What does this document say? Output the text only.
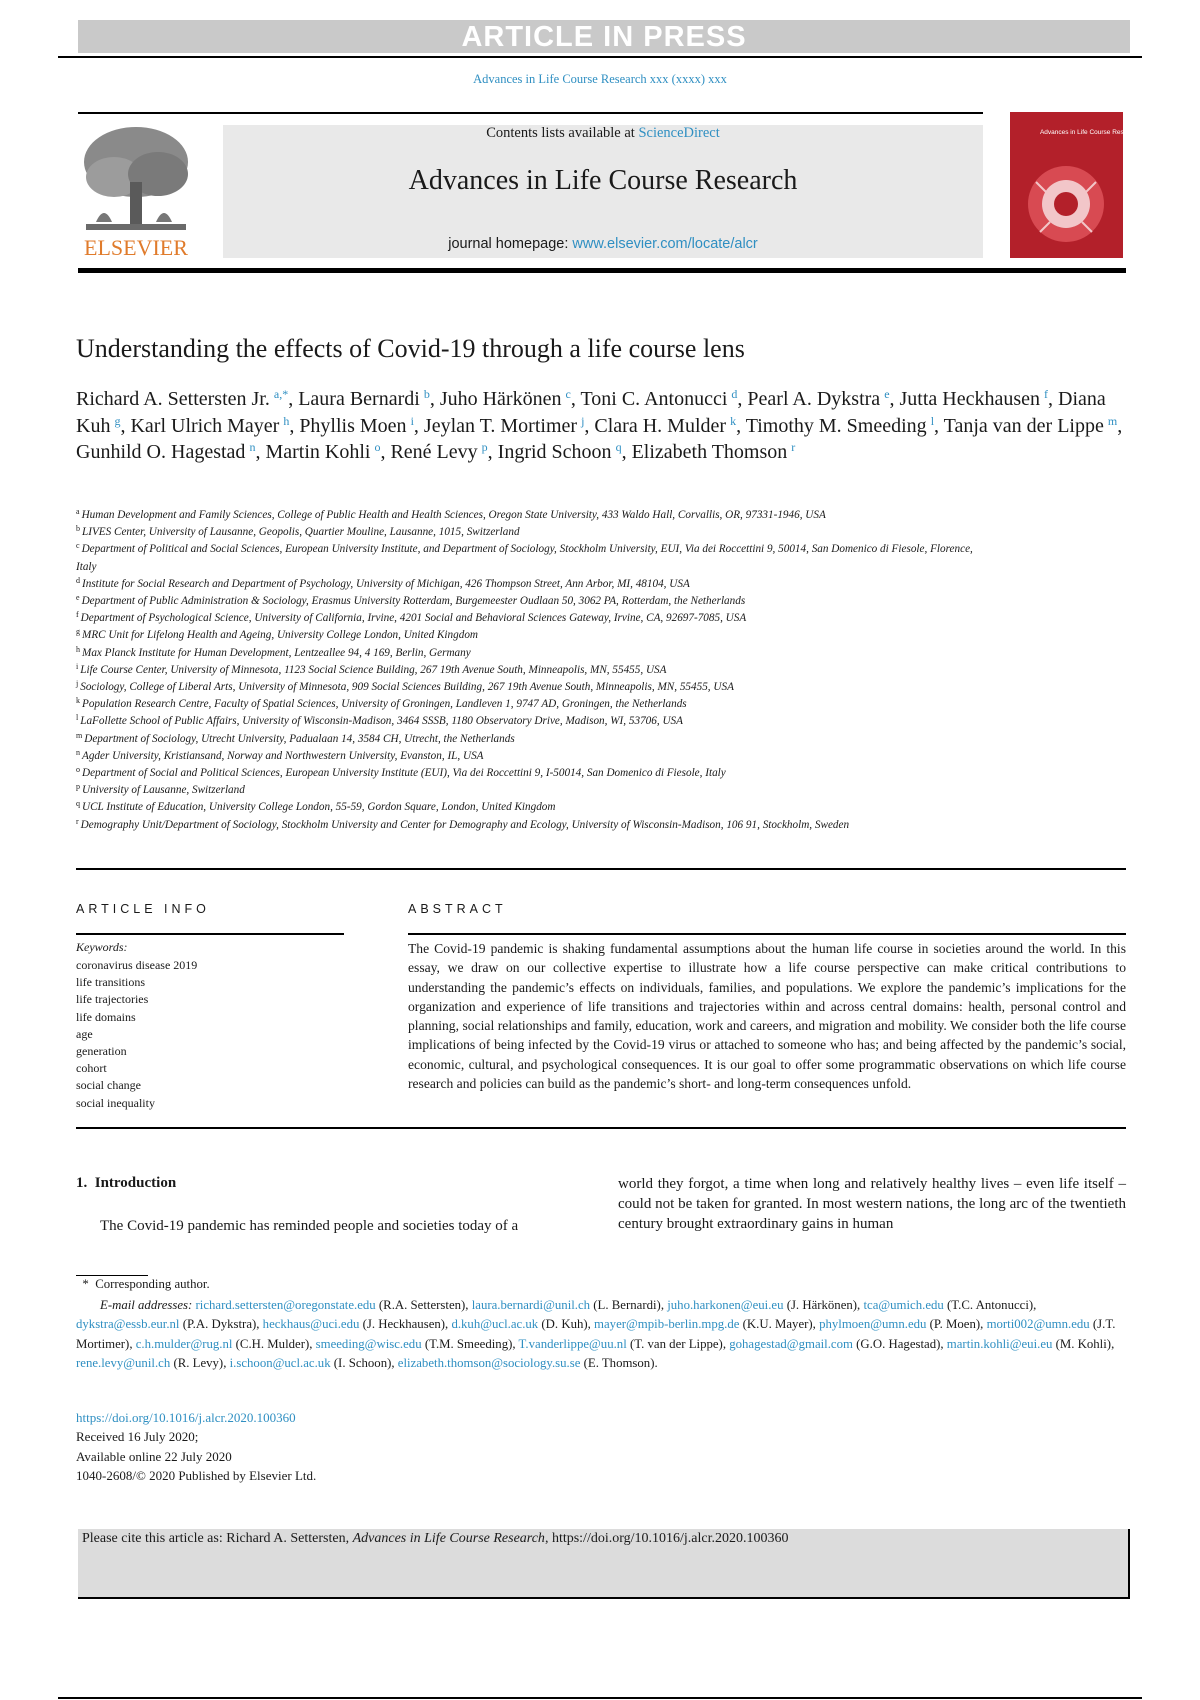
ARTICLE IN PRESS
Advances in Life Course Research xxx (xxxx) xxx
ELSEVIER
Contents lists available at ScienceDirect
Advances in Life Course Research
journal homepage: www.elsevier.com/locate/alcr
Advances in Life Course Research
Understanding the effects of Covid-19 through a life course lens
Richard A. Settersten Jr.  $^{a,*}$, Laura Bernardi  $^b$, Juho Härkönen  $^c$, Toni C. Antonucci  $^d$, Pearl A. Dykstra  $^e$, Jutta Heckhausen  $^f$, Diana Kuh  $^g$, Karl Ulrich Mayer  $^h$, Phyllis Moen  $^i$, Jeylan T. Mortimer  $^j$, Clara H. Mulder  $^k$, Timothy M. Smeeding  $^l$, Tanja van der Lippe  $^m$, Gunhild O. Hagestad  $^n$, Martin Kohli  $^o$, René Levy  $^p$, Ingrid Schoon  $^q$, Elizabeth Thomson  $^r$
$^a$ Human Development and Family Sciences, College of Public Health and Health Sciences, Oregon State University, 433 Waldo Hall, Corvallis, OR, 97331-1946, USA
$^b$ LIVES Center, University of Lausanne, Geopolis, Quartier Mouline, Lausanne, 1015, Switzerland
$^c$ Department of Political and Social Sciences, European University Institute, and Department of Sociology, Stockholm University, EUI, Via dei Roccettini 9, 50014, San Domenico di Fiesole, Florence, Italy
$^d$ Institute for Social Research and Department of Psychology, University of Michigan, 426 Thompson Street, Ann Arbor, MI, 48104, USA
$^e$ Department of Public Administration & Sociology, Erasmus University Rotterdam, Burgemeester Oudlaan 50, 3062 PA, Rotterdam, the Netherlands
$^f$ Department of Psychological Science, University of California, Irvine, 4201 Social and Behavioral Sciences Gateway, Irvine, CA, 92697-7085, USA
$^g$ MRC Unit for Lifelong Health and Ageing, University College London, United Kingdom
$^h$ Max Planck Institute for Human Development, Lentzeallee 94, 4 169, Berlin, Germany
$^i$ Life Course Center, University of Minnesota, 1123 Social Science Building, 267 19th Avenue South, Minneapolis, MN, 55455, USA
$^j$ Sociology, College of Liberal Arts, University of Minnesota, 909 Social Sciences Building, 267 19th Avenue South, Minneapolis, MN, 55455, USA
$^k$ Population Research Centre, Faculty of Spatial Sciences, University of Groningen, Landleven 1, 9747 AD, Groningen, the Netherlands
$^l$ LaFollette School of Public Affairs, University of Wisconsin-Madison, 3464 SSSB, 1180 Observatory Drive, Madison, WI, 53706, USA
$^m$ Department of Sociology, Utrecht University, Padualaan 14, 3584 CH, Utrecht, the Netherlands
$^n$ Agder University, Kristiansand, Norway and Northwestern University, Evanston, IL, USA
$^o$ Department of Social and Political Sciences, European University Institute (EUI), Via dei Roccettini 9, I-50014, San Domenico di Fiesole, Italy
$^p$ University of Lausanne, Switzerland
$^q$ UCL Institute of Education, University College London, 55-59, Gordon Square, London, United Kingdom
$^r$ Demography Unit/Department of Sociology, Stockholm University and Center for Demography and Ecology, University of Wisconsin-Madison, 106 91, Stockholm, Sweden
ARTICLE INFO	ABSTRACT
Keywords:
coronavirus disease 2019
life transitions
life trajectories
life domains
age
generation
cohort
social change
social inequality

The Covid-19 pandemic is shaking fundamental assumptions about the human life course in societies around the world. In this essay, we draw on our collective expertise to illustrate how a life course perspective can make critical contributions to understanding the pandemic’s effects on individuals, families, and populations. We explore the pandemic’s implications for the organization and experience of life transitions and trajectories within and across central domains: health, personal control and planning, social relationships and family, education, work and careers, and migration and mobility. We consider both the life course implications of being infected by the Covid-19 virus or attached to someone who has; and being affected by the pandemic’s social, economic, cultural, and psychological consequences. It is our goal to offer some programmatic observations on which life course research and policies can build as the pandemic’s short- and long-term consequences unfold.

1. Introduction

The Covid-19 pandemic has reminded people and societies today of a

world they forgot, a time when long and relatively healthy lives – even life itself – could not be taken for granted. In most western nations, the long arc of the twentieth century brought extraordinary gains in human

* Corresponding author.

E-mail addresses: richard.settersten@oregonstate.edu (R.A. Settersten), laura.bernardi@unil.ch (L. Bernardi), juho.harkonen@eui.eu (J. Härkönen), tca@umich.edu (T.C. Antonucci), dykstra@essb.eur.nl (P.A. Dykstra), heckhaus@uci.edu (J. Heckhausen), d.kuh@ucl.ac.uk (D. Kuh), mayer@mpib-berlin.mpg.de (K.U. Mayer), phylmoen@umn.edu (P. Moen), morti002@umn.edu (J.T. Mortimer), c.h.mulder@rug.nl (C.H. Mulder), smeeding@wisc.edu (T.M. Smeeding), T.vanderlippe@uu.nl (T. van der Lippe), gohagestad@gmail.com (G.O. Hagestad), martin.kohli@eui.eu (M. Kohli), rene.levy@unil.ch (R. Levy), i.schoon@ucl.ac.uk (I. Schoon), elizabeth.thomson@sociology.su.se (E. Thomson).

https://doi.org/10.1016/j.alcr.2020.100360
Received 16 July 2020;
Available online 22 July 2020
1040-2608/© 2020 Published by Elsevier Ltd.
Please cite this article as: Richard A. Settersten, Advances in Life Course Research, https://doi.org/10.1016/j.alcr.2020.100360
